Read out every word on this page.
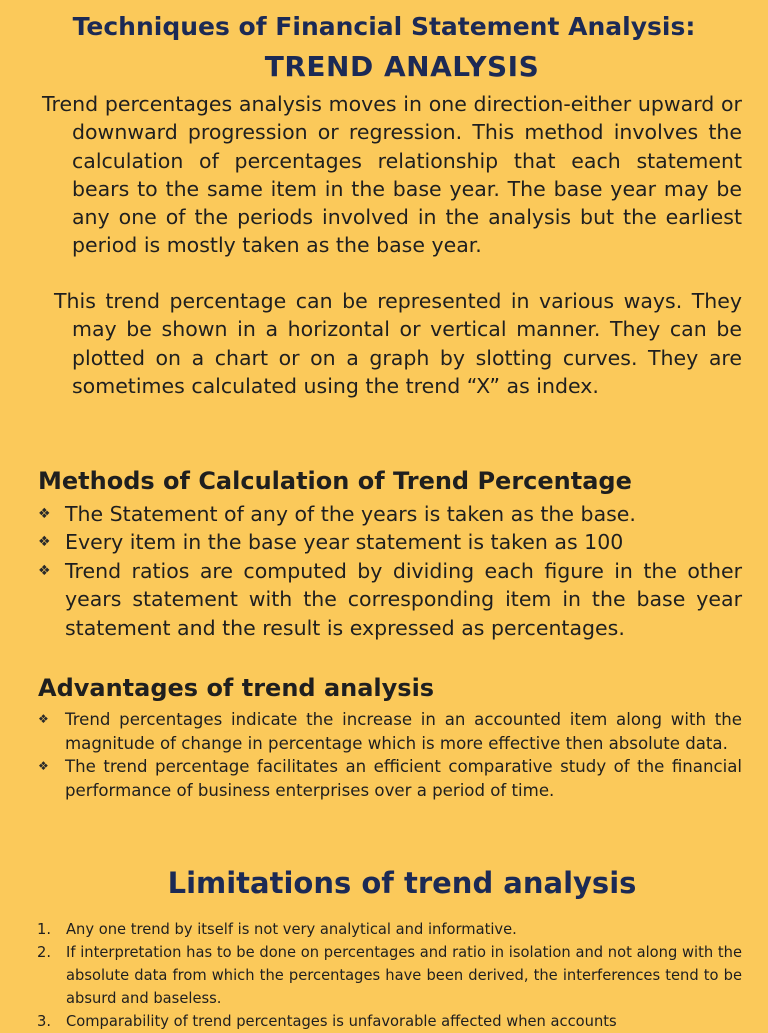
Techniques of Financial Statement Analysis:
TREND ANALYSIS
Trend percentages analysis moves in one direction-either upward or downward progression or regression. This method involves the calculation of percentages relationship that each statement bears to the same item in the base year. The base year may be any one of the periods involved in the analysis but the earliest period is mostly taken as the base year.
This trend percentage can be represented in various ways. They may be shown in a horizontal or vertical manner. They can be plotted on a chart or on a graph by slotting curves. They are sometimes calculated using the trend “X” as index.
Methods of Calculation of Trend Percentage
❖ The Statement of any of the years is taken as the base.
❖ Every item in the base year statement is taken as 100
❖ Trend ratios are computed by dividing each figure in the other years statement with the corresponding item in the base year statement and the result is expressed as percentages.
Advantages of trend analysis
❖ Trend percentages indicate the increase in an accounted item along with the magnitude of change in percentage which is more effective then absolute data.
❖ The trend percentage facilitates an efficient comparative study of the financial performance of business enterprises over a period of time.
Limitations of trend analysis
1. Any one trend by itself is not very analytical and informative.
2. If interpretation has to be done on percentages and ratio in isolation and not along with the absolute data from which the percentages have been derived, the interferences tend to be absurd and baseless.
3. Comparability of trend percentages is unfavorable affected when accounts
